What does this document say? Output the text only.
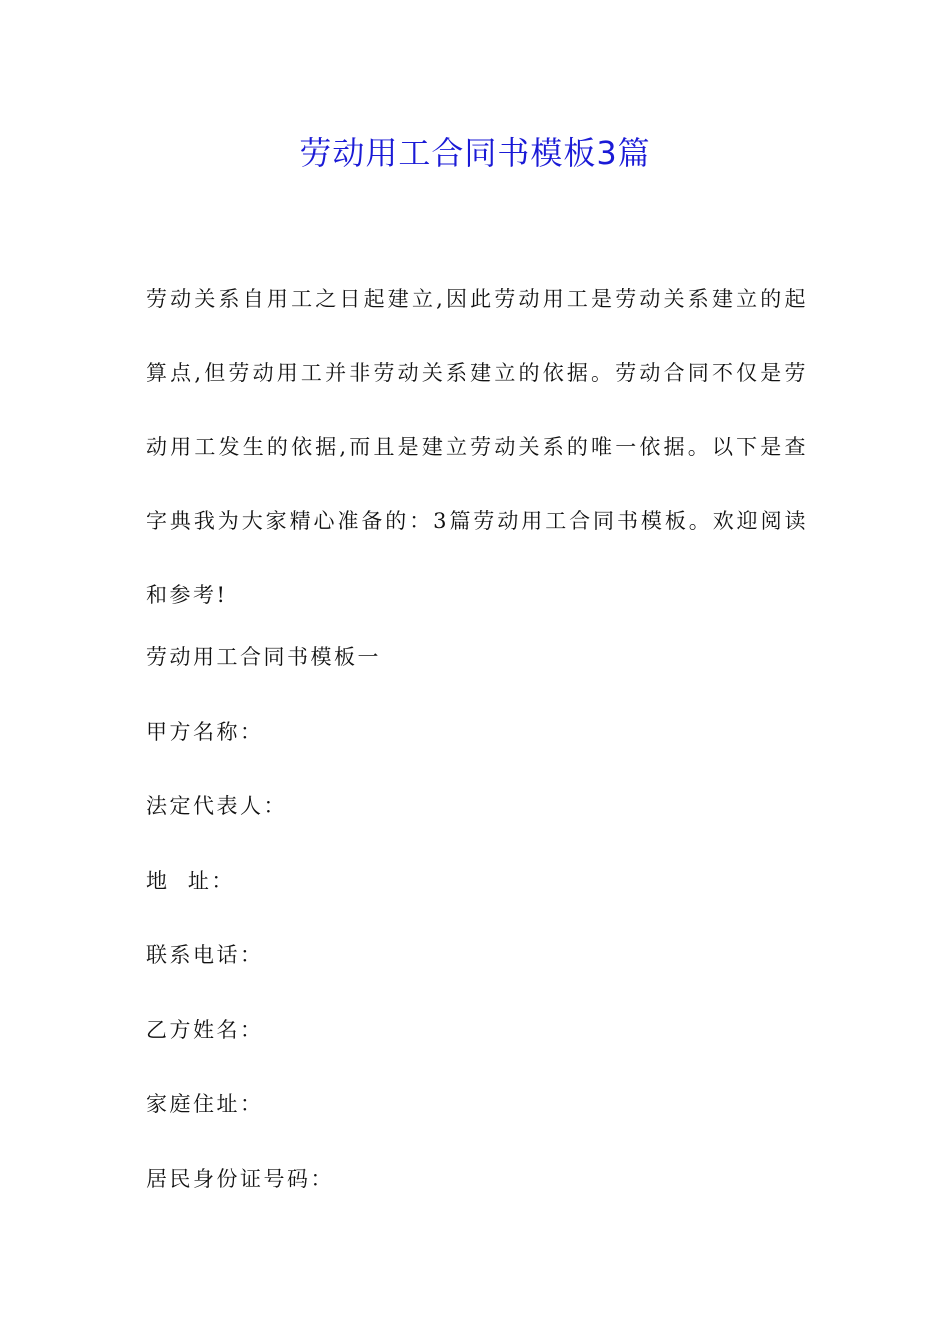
劳动用工合同书模板3篇

劳动关系自用工之日起建立,因此劳动用工是劳动关系建立的起算点,但劳动用工并非劳动关系建立的依据。劳动合同不仅是劳动用工发生的依据,而且是建立劳动关系的唯一依据。以下是查字典我为大家精心准备的：3篇劳动用工合同书模板。欢迎阅读和参考!

劳动用工合同书模板一

甲方名称：

法定代表人：

地  址：

联系电话：

乙方姓名：

家庭住址：

居民身份证号码：
